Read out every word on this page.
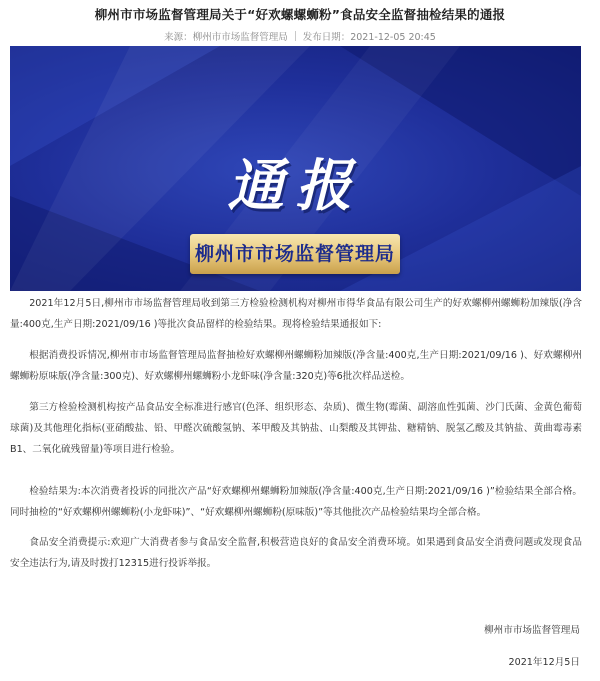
柳州市市场监督管理局关于“好欢螺螺蛳粉”食品安全监督抽检结果的通报
来源：柳州市市场监督管理局 发布日期：2021-12-05 20:45
通报
柳州市市场监督管理局

2021年12月5日,柳州市市场监督管理局收到第三方检验检测机构对柳州市得华食品有限公司生产的好欢螺柳州螺蛳粉加辣版(净含量:400克,生产日期:2021/09/16 )等批次食品留样的检验结果。现将检验结果通报如下:

根据消费投诉情况,柳州市市场监督管理局监督抽检好欢螺柳州螺蛳粉加辣版(净含量:400克,生产日期:2021/09/16 )、好欢螺柳州螺蛳粉原味版(净含量:300克)、好欢螺柳州螺蛳粉小龙虾味(净含量:320克)等6批次样品送检。

第三方检验检测机构按产品食品安全标准进行感官(色泽、组织形态、杂质)、微生物(霉菌、副溶血性弧菌、沙门氏菌、金黄色葡萄球菌)及其他理化指标(亚硝酸盐、铅、甲醛次硫酸氢钠、苯甲酸及其钠盐、山梨酸及其钾盐、糖精钠、脱氢乙酸及其钠盐、黄曲霉毒素B1、二氧化硫残留量)等项目进行检验。

检验结果为:本次消费者投诉的同批次产品“好欢螺柳州螺蛳粉加辣版(净含量:400克,生产日期:2021/09/16 )”检验结果全部合格。同时抽检的“好欢螺柳州螺蛳粉(小龙虾味)”、“好欢螺柳州螺蛳粉(原味版)”等其他批次产品检验结果均全部合格。

食品安全消费提示:欢迎广大消费者参与食品安全监督,积极营造良好的食品安全消费环境。如果遇到食品安全消费问题或发现食品安全违法行为,请及时拨打12315进行投诉举报。

柳州市市场监督管理局
2021年12月5日
